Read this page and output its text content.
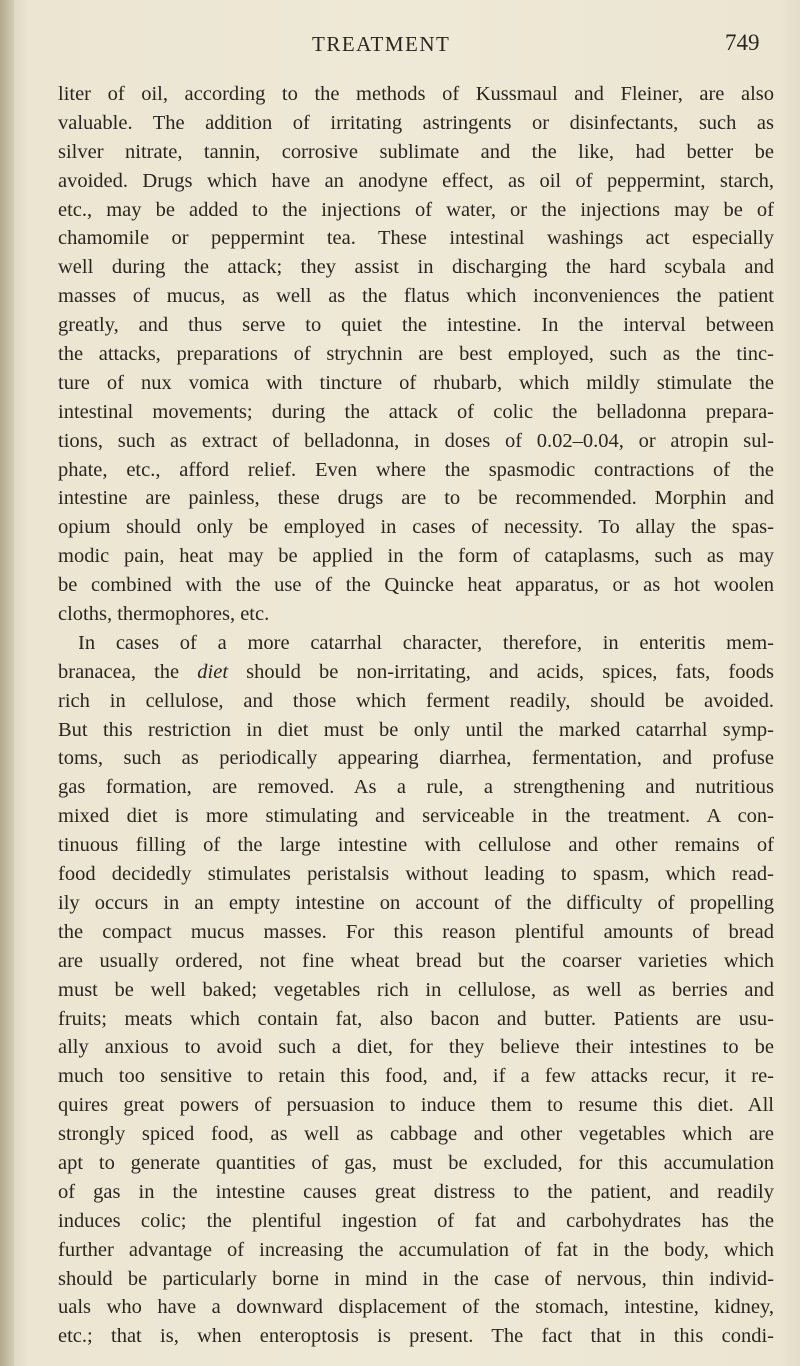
TREATMENT	749
liter of oil, according to the methods of Kussmaul and Fleiner, are also
valuable. The addition of irritating astringents or disinfectants, such as
silver nitrate, tannin, corrosive sublimate and the like, had better be
avoided. Drugs which have an anodyne effect, as oil of peppermint, starch,
etc., may be added to the injections of water, or the injections may be of
chamomile or peppermint tea. These intestinal washings act especially
well during the attack; they assist in discharging the hard scybala and
masses of mucus, as well as the flatus which inconveniences the patient
greatly, and thus serve to quiet the intestine. In the interval between
the attacks, preparations of strychnin are best employed, such as the tinc-
ture of nux vomica with tincture of rhubarb, which mildly stimulate the
intestinal movements; during the attack of colic the belladonna prepara-
tions, such as extract of belladonna, in doses of 0.02–0.04, or atropin sul-
phate, etc., afford relief. Even where the spasmodic contractions of the
intestine are painless, these drugs are to be recommended. Morphin and
opium should only be employed in cases of necessity. To allay the spas-
modic pain, heat may be applied in the form of cataplasms, such as may
be combined with the use of the Quincke heat apparatus, or as hot woolen
cloths, thermophores, etc.
In cases of a more catarrhal character, therefore, in enteritis mem-
branacea, the diet should be non-irritating, and acids, spices, fats, foods
rich in cellulose, and those which ferment readily, should be avoided.
But this restriction in diet must be only until the marked catarrhal symp-
toms, such as periodically appearing diarrhea, fermentation, and profuse
gas formation, are removed. As a rule, a strengthening and nutritious
mixed diet is more stimulating and serviceable in the treatment. A con-
tinuous filling of the large intestine with cellulose and other remains of
food decidedly stimulates peristalsis without leading to spasm, which read-
ily occurs in an empty intestine on account of the difficulty of propelling
the compact mucus masses. For this reason plentiful amounts of bread
are usually ordered, not fine wheat bread but the coarser varieties which
must be well baked; vegetables rich in cellulose, as well as berries and
fruits; meats which contain fat, also bacon and butter. Patients are usu-
ally anxious to avoid such a diet, for they believe their intestines to be
much too sensitive to retain this food, and, if a few attacks recur, it re-
quires great powers of persuasion to induce them to resume this diet. All
strongly spiced food, as well as cabbage and other vegetables which are
apt to generate quantities of gas, must be excluded, for this accumulation
of gas in the intestine causes great distress to the patient, and readily
induces colic; the plentiful ingestion of fat and carbohydrates has the
further advantage of increasing the accumulation of fat in the body, which
should be particularly borne in mind in the case of nervous, thin individ-
uals who have a downward displacement of the stomach, intestine, kidney,
etc.; that is, when enteroptosis is present. The fact that in this condi-
